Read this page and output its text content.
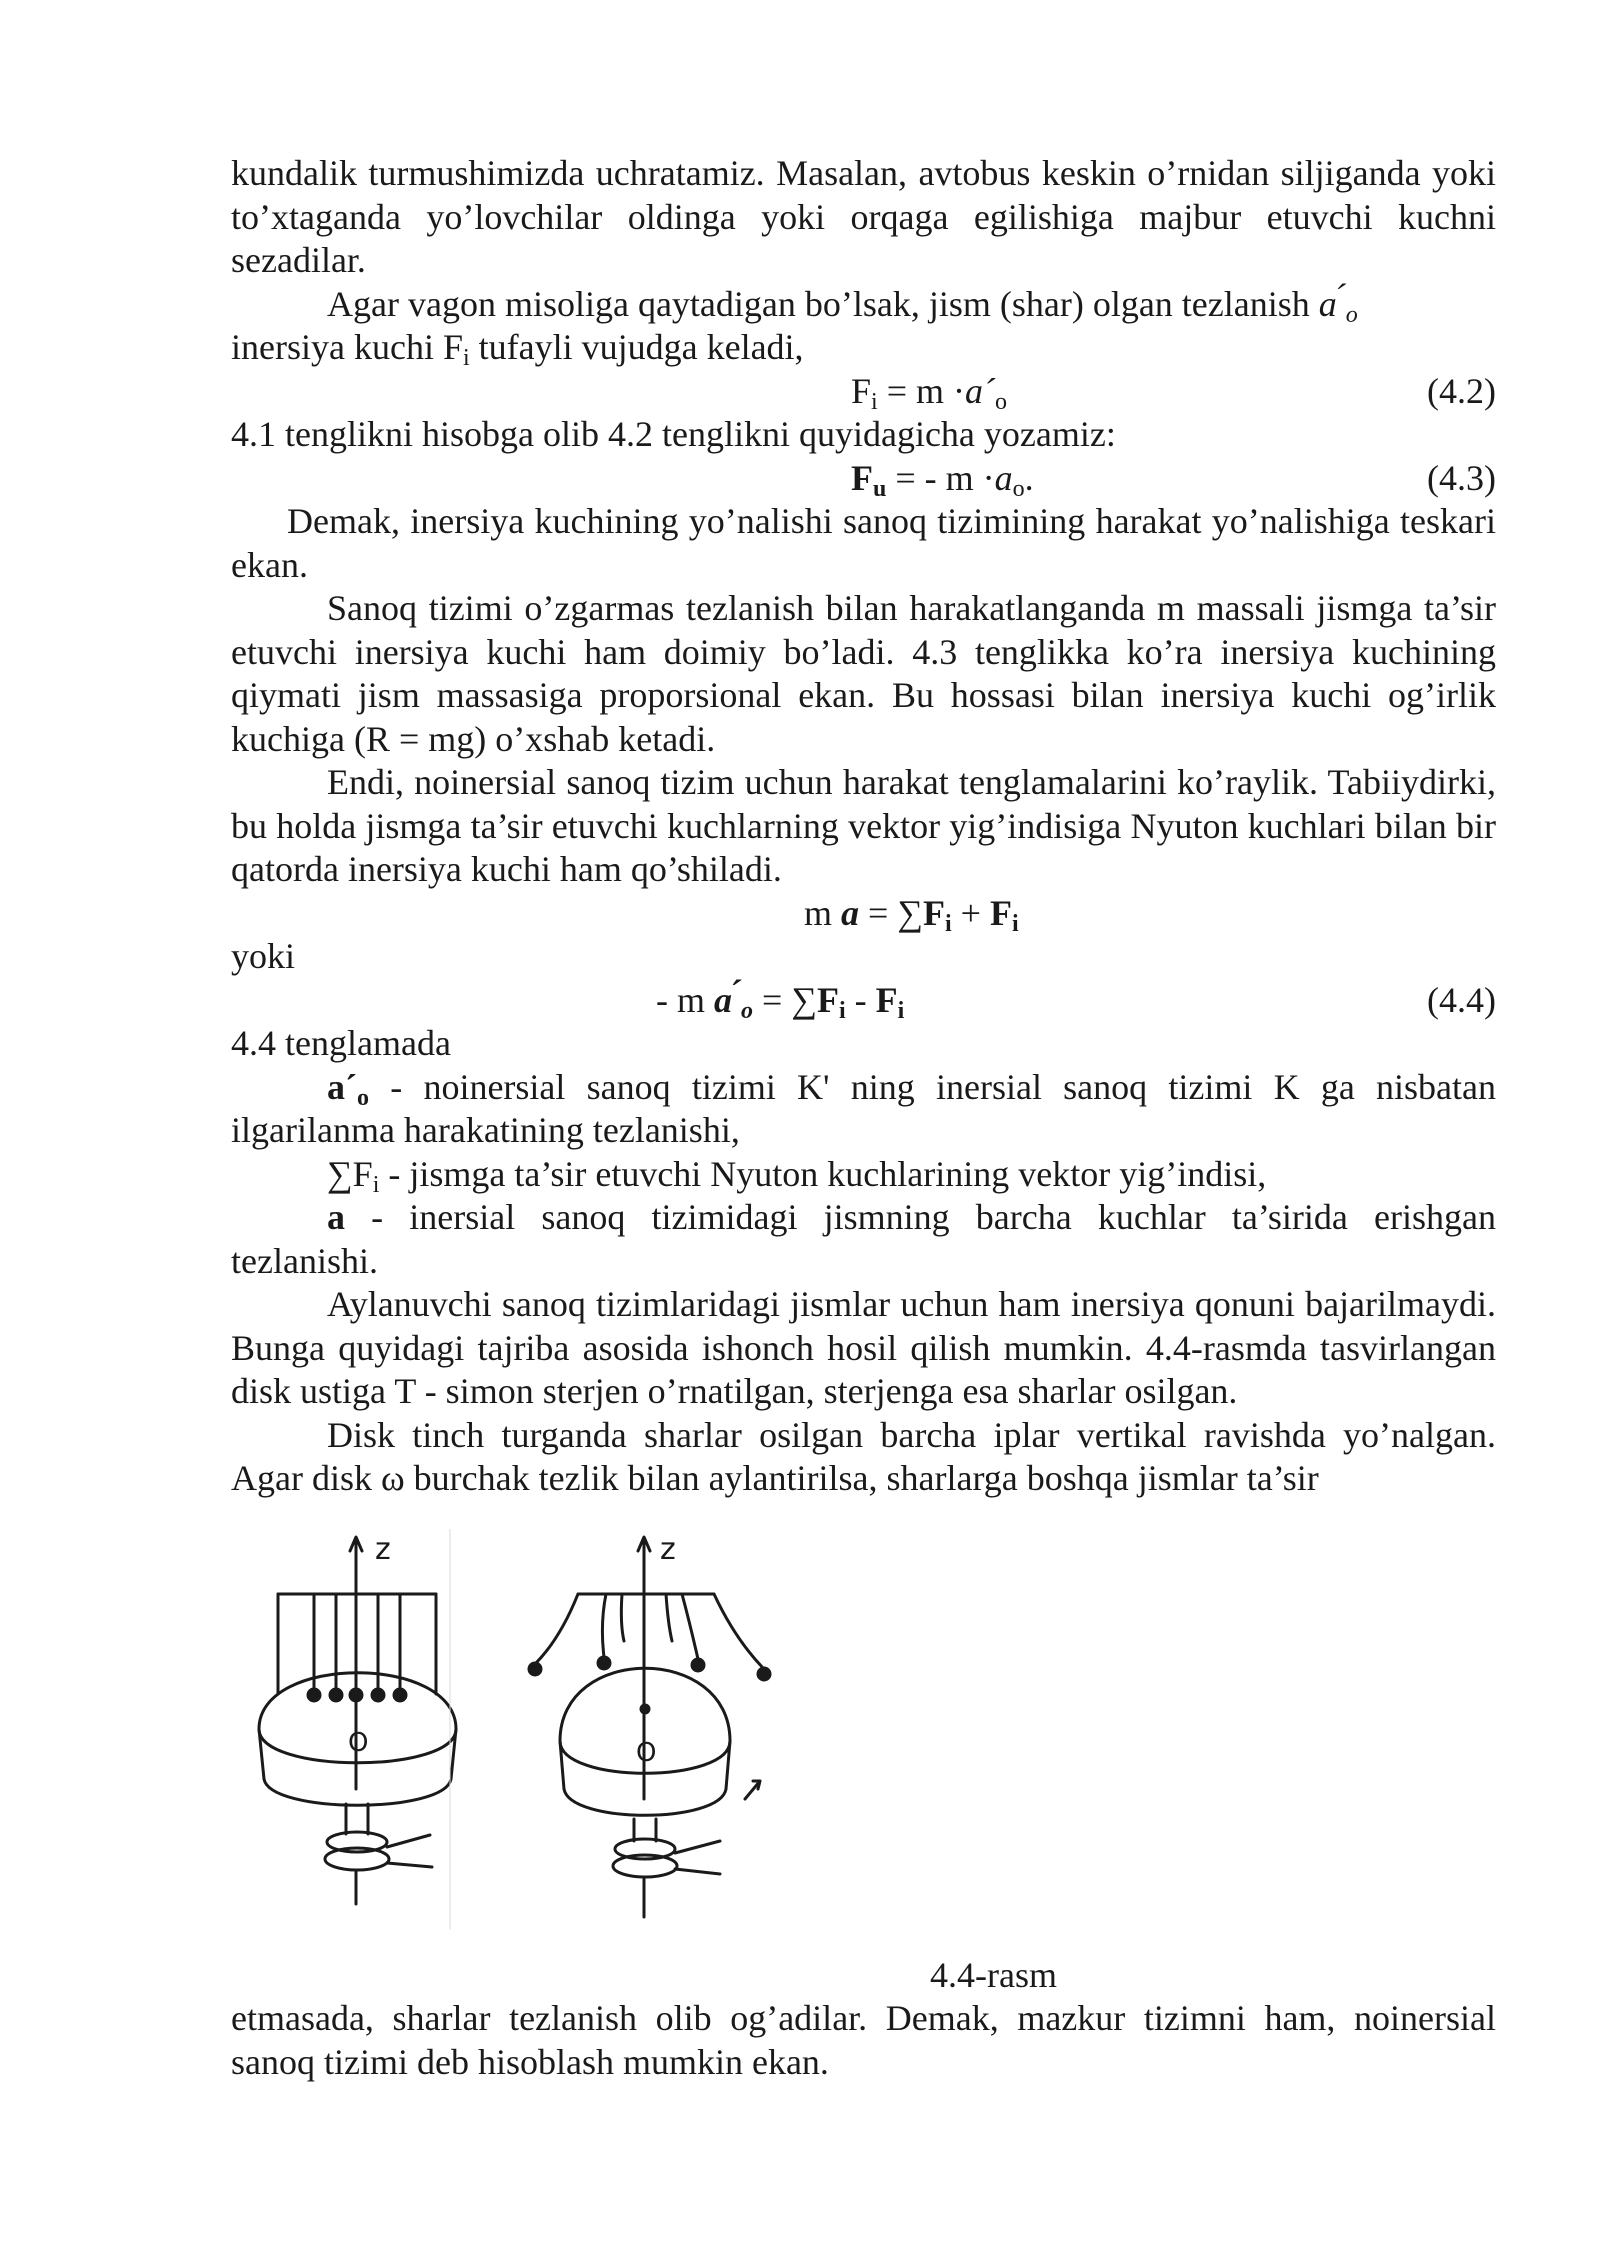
kundalik turmushimizda uchratamiz. Masalan, avtobus keskin o’rnidan siljiganda yoki to’xtaganda yo’lovchilar oldinga yoki orqaga egilishiga majbur etuvchi kuchni sezadilar.

Agar vagon misoliga qaytadigan bo’lsak, jism (shar) olgan tezlanish a $́_o$
inersiya kuchi $F_i$ tufayli vujudga keladi,

$F_i = m$ $\cdot a´_o$	(4.2)

4.1 tenglikni hisobga olib 4.2 tenglikni quyidagicha yozamiz:

$F_u$ = - $m \cdot a_o$.	(4.3)

Demak, inersiya kuchining yo’nalishi sanoq tizimining harakat yo’nalishiga teskari ekan.

Sanoq tizimi o’zgarmas tezlanish bilan harakatlanganda m massali jismga ta’sir etuvchi inersiya kuchi ham doimiy bo’ladi. 4.3 tenglikka ko’ra inersiya kuchining qiymati jism massasiga proporsional ekan. Bu hossasi bilan inersiya kuchi og’irlik kuchiga (R = mg) o’xshab ketadi.

Endi, noinersial sanoq tizim uchun harakat tenglamalarini ko’raylik. Tabiiydirki, bu holda jismga ta’sir etuvchi kuchlarning vektor yig’indisiga Nyuton kuchlari bilan bir qatorda inersiya kuchi ham qo’shiladi.

m $a = \sum F_i + F_i$

yoki

- m a $́_o = \sum F_i - F_i$	(4.4)

4.4 tenglamada

$a´_o$ - noinersial sanoq tizimi K' ning inersial sanoq tizimi K ga nisbatan ilgarilanma harakatining tezlanishi,

$\sum F_i$ - jismga ta’sir etuvchi Nyuton kuchlarining vektor yig’indisi,

a - inersial sanoq tizimidagi jismning barcha kuchlar ta’sirida erishgan tezlanishi.

Aylanuvchi sanoq tizimlaridagi jismlar uchun ham inersiya qonuni bajarilmaydi. Bunga quyidagi tajriba asosida ishonch hosil qilish mumkin. 4.4-rasmda tasvirlangan disk ustiga T - simon sterjen o’rnatilgan, sterjenga esa sharlar osilgan.

Disk tinch turganda sharlar osilgan barcha iplar vertikal ravishda yo’nalgan. Agar disk ω burchak tezlik bilan aylantirilsa, sharlarga boshqa jismlar ta’sir

z
O
z
O

4.4-rasm

etmasada, sharlar tezlanish olib og’adilar. Demak, mazkur tizimni ham, noinersial sanoq tizimi deb hisoblash mumkin ekan.
